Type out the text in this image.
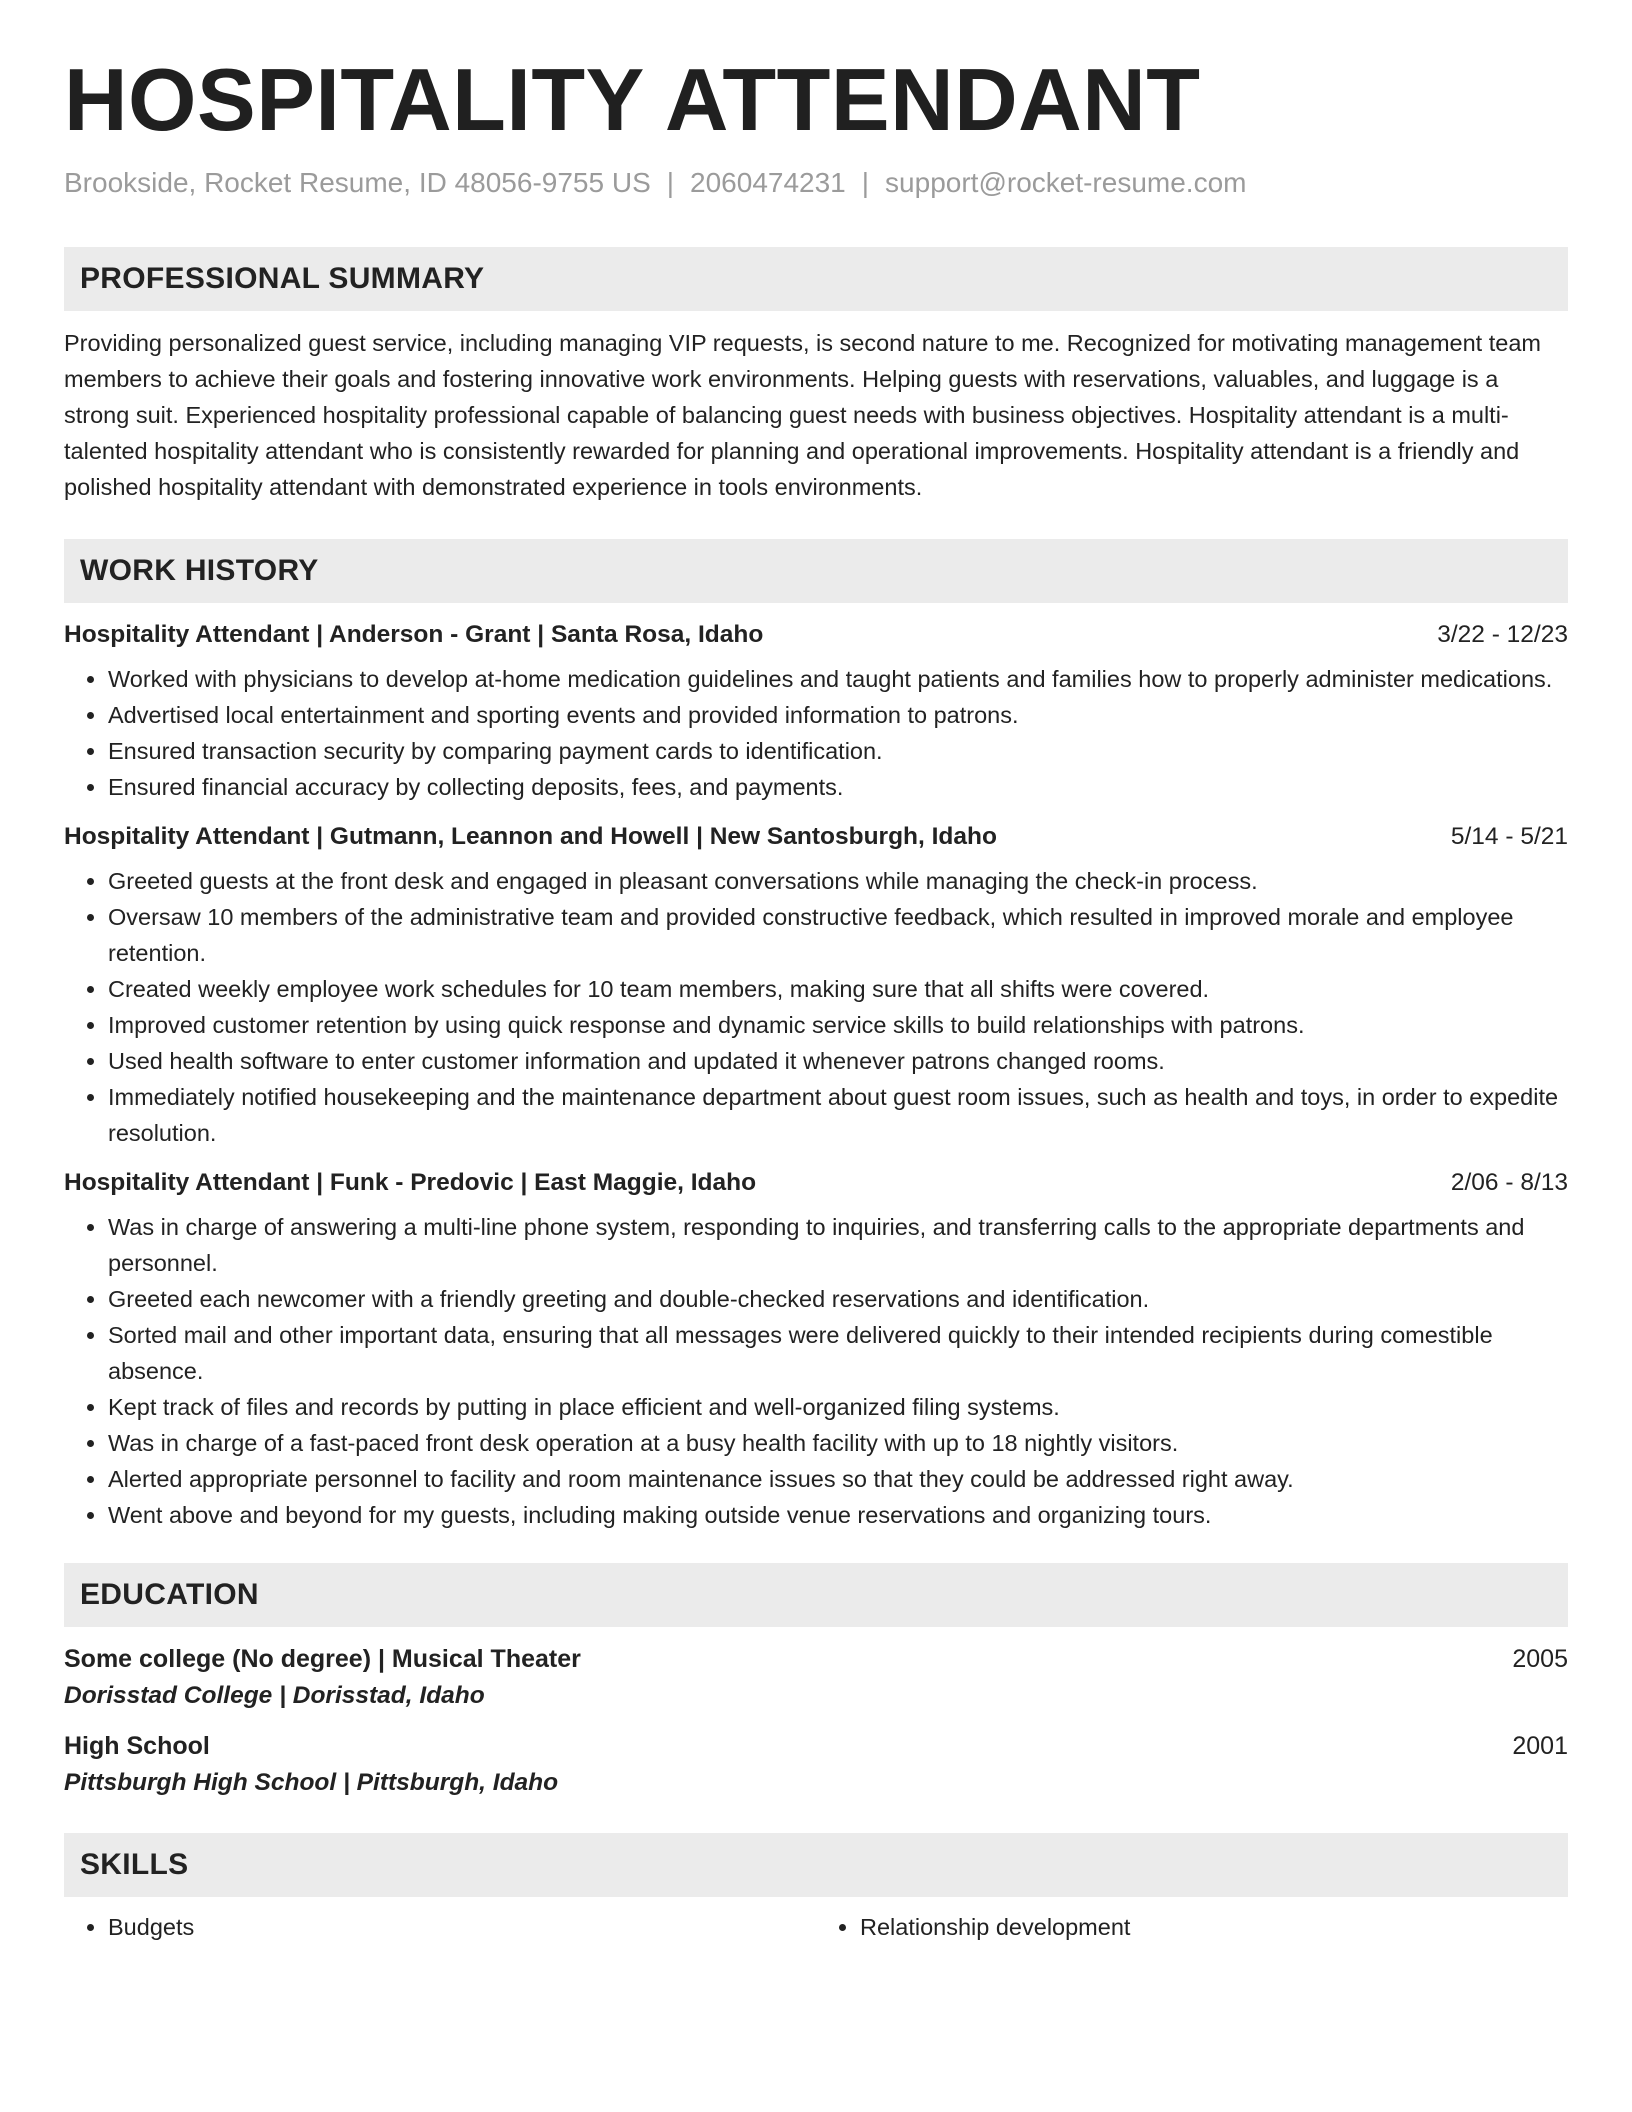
HOSPITALITY ATTENDANT
Brookside, Rocket Resume, ID 48056-9755 US | 2060474231 | support@rocket-resume.com
PROFESSIONAL SUMMARY
Providing personalized guest service, including managing VIP requests, is second nature to me. Recognized for motivating management team members to achieve their goals and fostering innovative work environments. Helping guests with reservations, valuables, and luggage is a strong suit. Experienced hospitality professional capable of balancing guest needs with business objectives. Hospitality attendant is a multi-talented hospitality attendant who is consistently rewarded for planning and operational improvements. Hospitality attendant is a friendly and polished hospitality attendant with demonstrated experience in tools environments.
WORK HISTORY
Hospitality Attendant | Anderson - Grant | Santa Rosa, Idaho	3/22 - 12/23
• Worked with physicians to develop at-home medication guidelines and taught patients and families how to properly administer medications.
• Advertised local entertainment and sporting events and provided information to patrons.
• Ensured transaction security by comparing payment cards to identification.
• Ensured financial accuracy by collecting deposits, fees, and payments.
Hospitality Attendant | Gutmann, Leannon and Howell | New Santosburgh, Idaho	5/14 - 5/21
• Greeted guests at the front desk and engaged in pleasant conversations while managing the check-in process.
• Oversaw 10 members of the administrative team and provided constructive feedback, which resulted in improved morale and employee retention.
• Created weekly employee work schedules for 10 team members, making sure that all shifts were covered.
• Improved customer retention by using quick response and dynamic service skills to build relationships with patrons.
• Used health software to enter customer information and updated it whenever patrons changed rooms.
• Immediately notified housekeeping and the maintenance department about guest room issues, such as health and toys, in order to expedite resolution.
Hospitality Attendant | Funk - Predovic | East Maggie, Idaho	2/06 - 8/13
• Was in charge of answering a multi-line phone system, responding to inquiries, and transferring calls to the appropriate departments and personnel.
• Greeted each newcomer with a friendly greeting and double-checked reservations and identification.
• Sorted mail and other important data, ensuring that all messages were delivered quickly to their intended recipients during comestible absence.
• Kept track of files and records by putting in place efficient and well-organized filing systems.
• Was in charge of a fast-paced front desk operation at a busy health facility with up to 18 nightly visitors.
• Alerted appropriate personnel to facility and room maintenance issues so that they could be addressed right away.
• Went above and beyond for my guests, including making outside venue reservations and organizing tours.
EDUCATION
Some college (No degree) | Musical Theater	2005
Dorisstad College | Dorisstad, Idaho
High School	2001
Pittsburgh High School | Pittsburgh, Idaho
SKILLS
• Budgets
•	Relationship development
